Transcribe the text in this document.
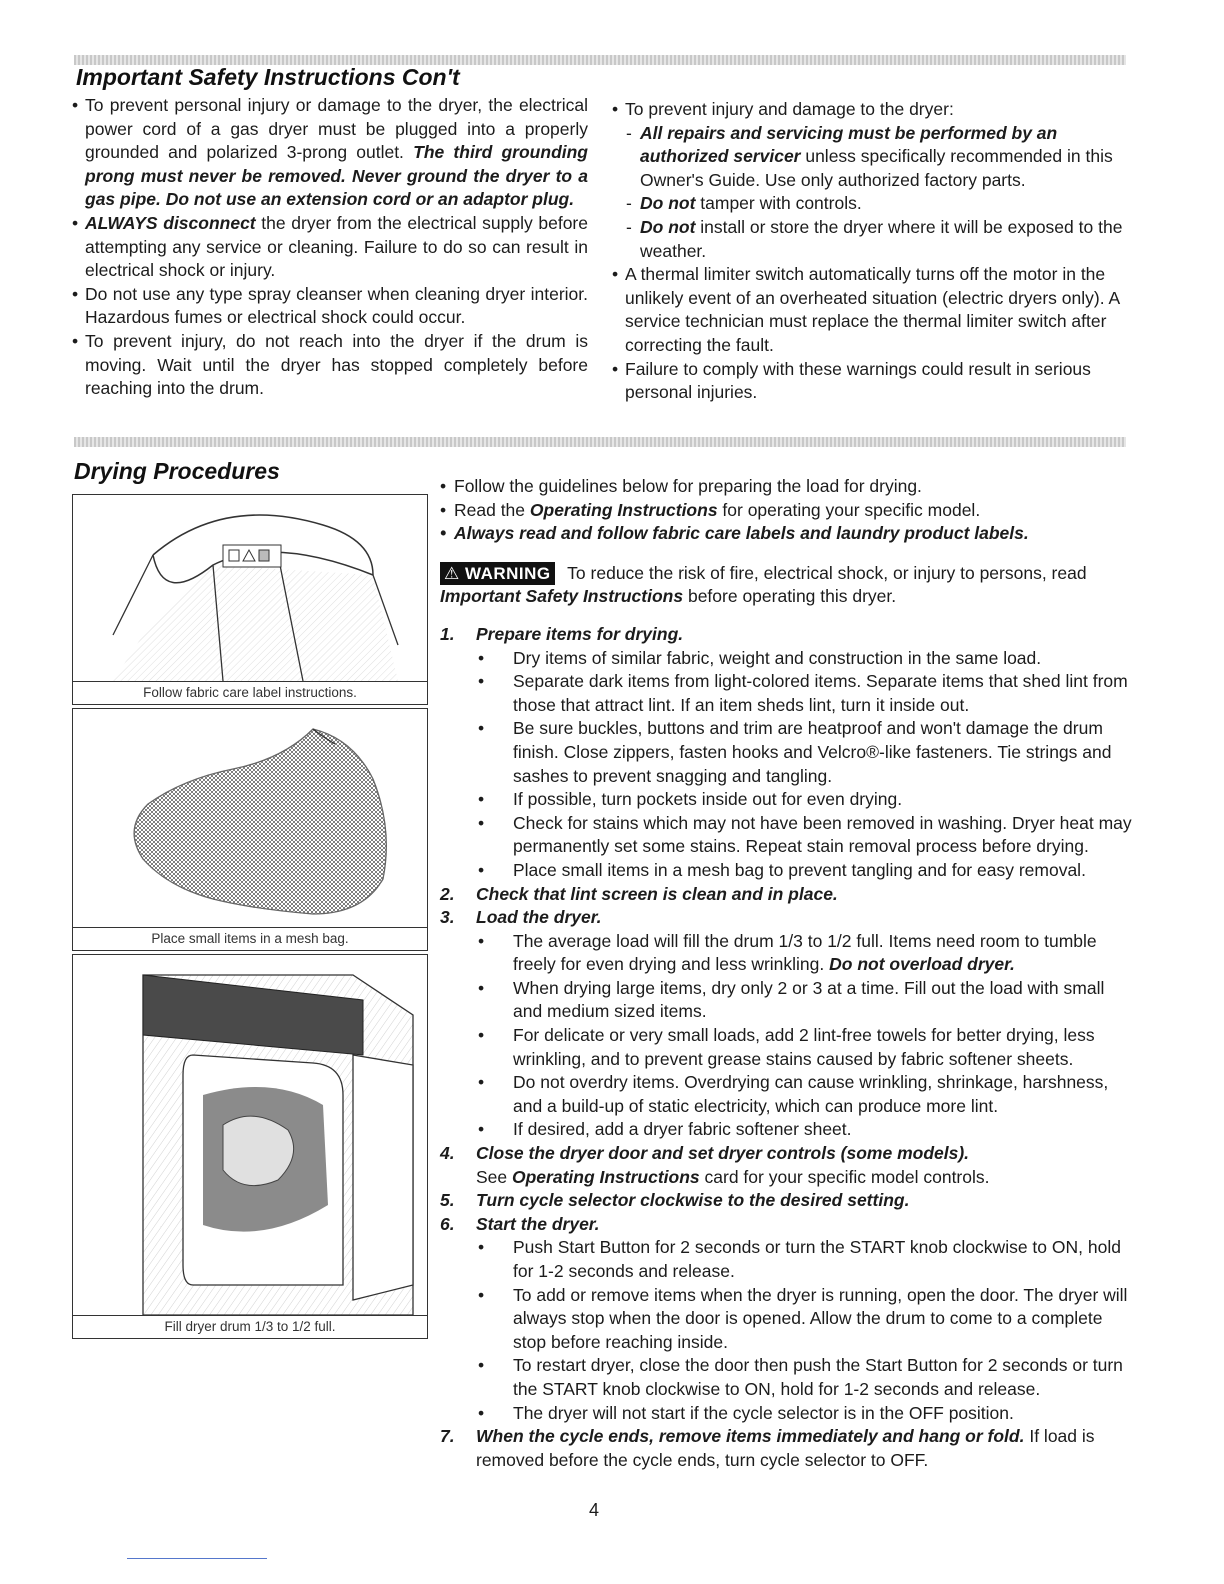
Important Safety Instructions Con't

• To prevent personal injury or damage to the dryer, the electrical power cord of a gas dryer must be plugged into a properly grounded and polarized 3-prong outlet. The third grounding prong must never be removed. Never ground the dryer to a gas pipe. Do not use an extension cord or an adaptor plug.

• ALWAYS disconnect the dryer from the electrical supply before attempting any service or cleaning. Failure to do so can result in electrical shock or injury.

• Do not use any type spray cleanser when cleaning dryer interior. Hazardous fumes or electrical shock could occur.

• To prevent injury, do not reach into the dryer if the drum is moving. Wait until the dryer has stopped completely before reaching into the drum.

• To prevent injury and damage to the dryer:

- All repairs and servicing must be performed by an authorized servicer unless specifically recommended in this Owner's Guide. Use only authorized factory parts.

- Do not tamper with controls.

- Do not install or store the dryer where it will be exposed to the weather.

• A thermal limiter switch automatically turns off the motor in the unlikely event of an overheated situation (electric dryers only). A service technician must replace the thermal limiter switch after correcting the fault.

• Failure to comply with these warnings could result in serious personal injuries.

Drying Procedures
Follow fabric care label instructions.
Place small items in a mesh bag.
Fill dryer drum 1/3 to 1/2 full.

• Follow the guidelines below for preparing the load for drying.

• Read the Operating Instructions for operating your specific model.

• Always read and follow fabric care labels and laundry product labels.

⚠ WARNING To reduce the risk of fire, electrical shock, or injury to persons, read Important Safety Instructions before operating this dryer.

1. Prepare items for drying.

• Dry items of similar fabric, weight and construction in the same load.

• Separate dark items from light-colored items. Separate items that shed lint from those that attract lint. If an item sheds lint, turn it inside out.

• Be sure buckles, buttons and trim are heatproof and won't damage the drum finish. Close zippers, fasten hooks and Velcro®-like fasteners. Tie strings and sashes to prevent snagging and tangling.

• If possible, turn pockets inside out for even drying.

• Check for stains which may not have been removed in washing. Dryer heat may permanently set some stains. Repeat stain removal process before drying.

• Place small items in a mesh bag to prevent tangling and for easy removal.

2. Check that lint screen is clean and in place.

3. Load the dryer.

• The average load will fill the drum 1/3 to 1/2 full. Items need room to tumble freely for even drying and less wrinkling. Do not overload dryer.

• When drying large items, dry only 2 or 3 at a time. Fill out the load with small and medium sized items.

• For delicate or very small loads, add 2 lint-free towels for better drying, less wrinkling, and to prevent grease stains caused by fabric softener sheets.

• Do not overdry items. Overdrying can cause wrinkling, shrinkage, harshness, and a build-up of static electricity, which can produce more lint.

• If desired, add a dryer fabric softener sheet.

4. Close the dryer door and set dryer controls (some models).

See Operating Instructions card for your specific model controls.

5. Turn cycle selector clockwise to the desired setting.

6. Start the dryer.

• Push Start Button for 2 seconds or turn the START knob clockwise to ON, hold for 1-2 seconds and release.

• To add or remove items when the dryer is running, open the door. The dryer will always stop when the door is opened. Allow the drum to come to a complete stop before reaching inside.

• To restart dryer, close the door then push the Start Button for 2 seconds or turn the START knob clockwise to ON, hold for 1-2 seconds and release.

• The dryer will not start if the cycle selector is in the OFF position.

7. When the cycle ends, remove items immediately and hang or fold. If load is removed before the cycle ends, turn cycle selector to OFF.

4
